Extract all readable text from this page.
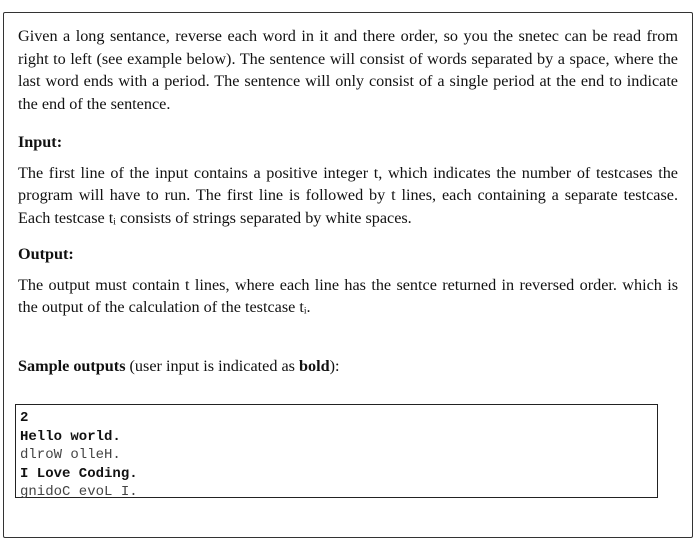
Given a long sentance, reverse each word in it and there order, so you the snetec can be read from right to left (see example below). The sentence will consist of words separated by a space, where the last word ends with a period. The sentence will only consist of a single period at the end to indicate the end of the sentence.

Input:

The first line of the input contains a positive integer t, which indicates the number of testcases the program will have to run. The first line is followed by t lines, each containing a separate testcase. Each testcase tᵢ consists of strings separated by white spaces.

Output:

The output must contain t lines, where each line has the sentce returned in reversed order. which is the output of the calculation of the testcase tᵢ.

Sample outputs (user input is indicated as bold):

2
Hello world.
dlroW olleH.
I Love Coding.
gnidoC evoL I.
